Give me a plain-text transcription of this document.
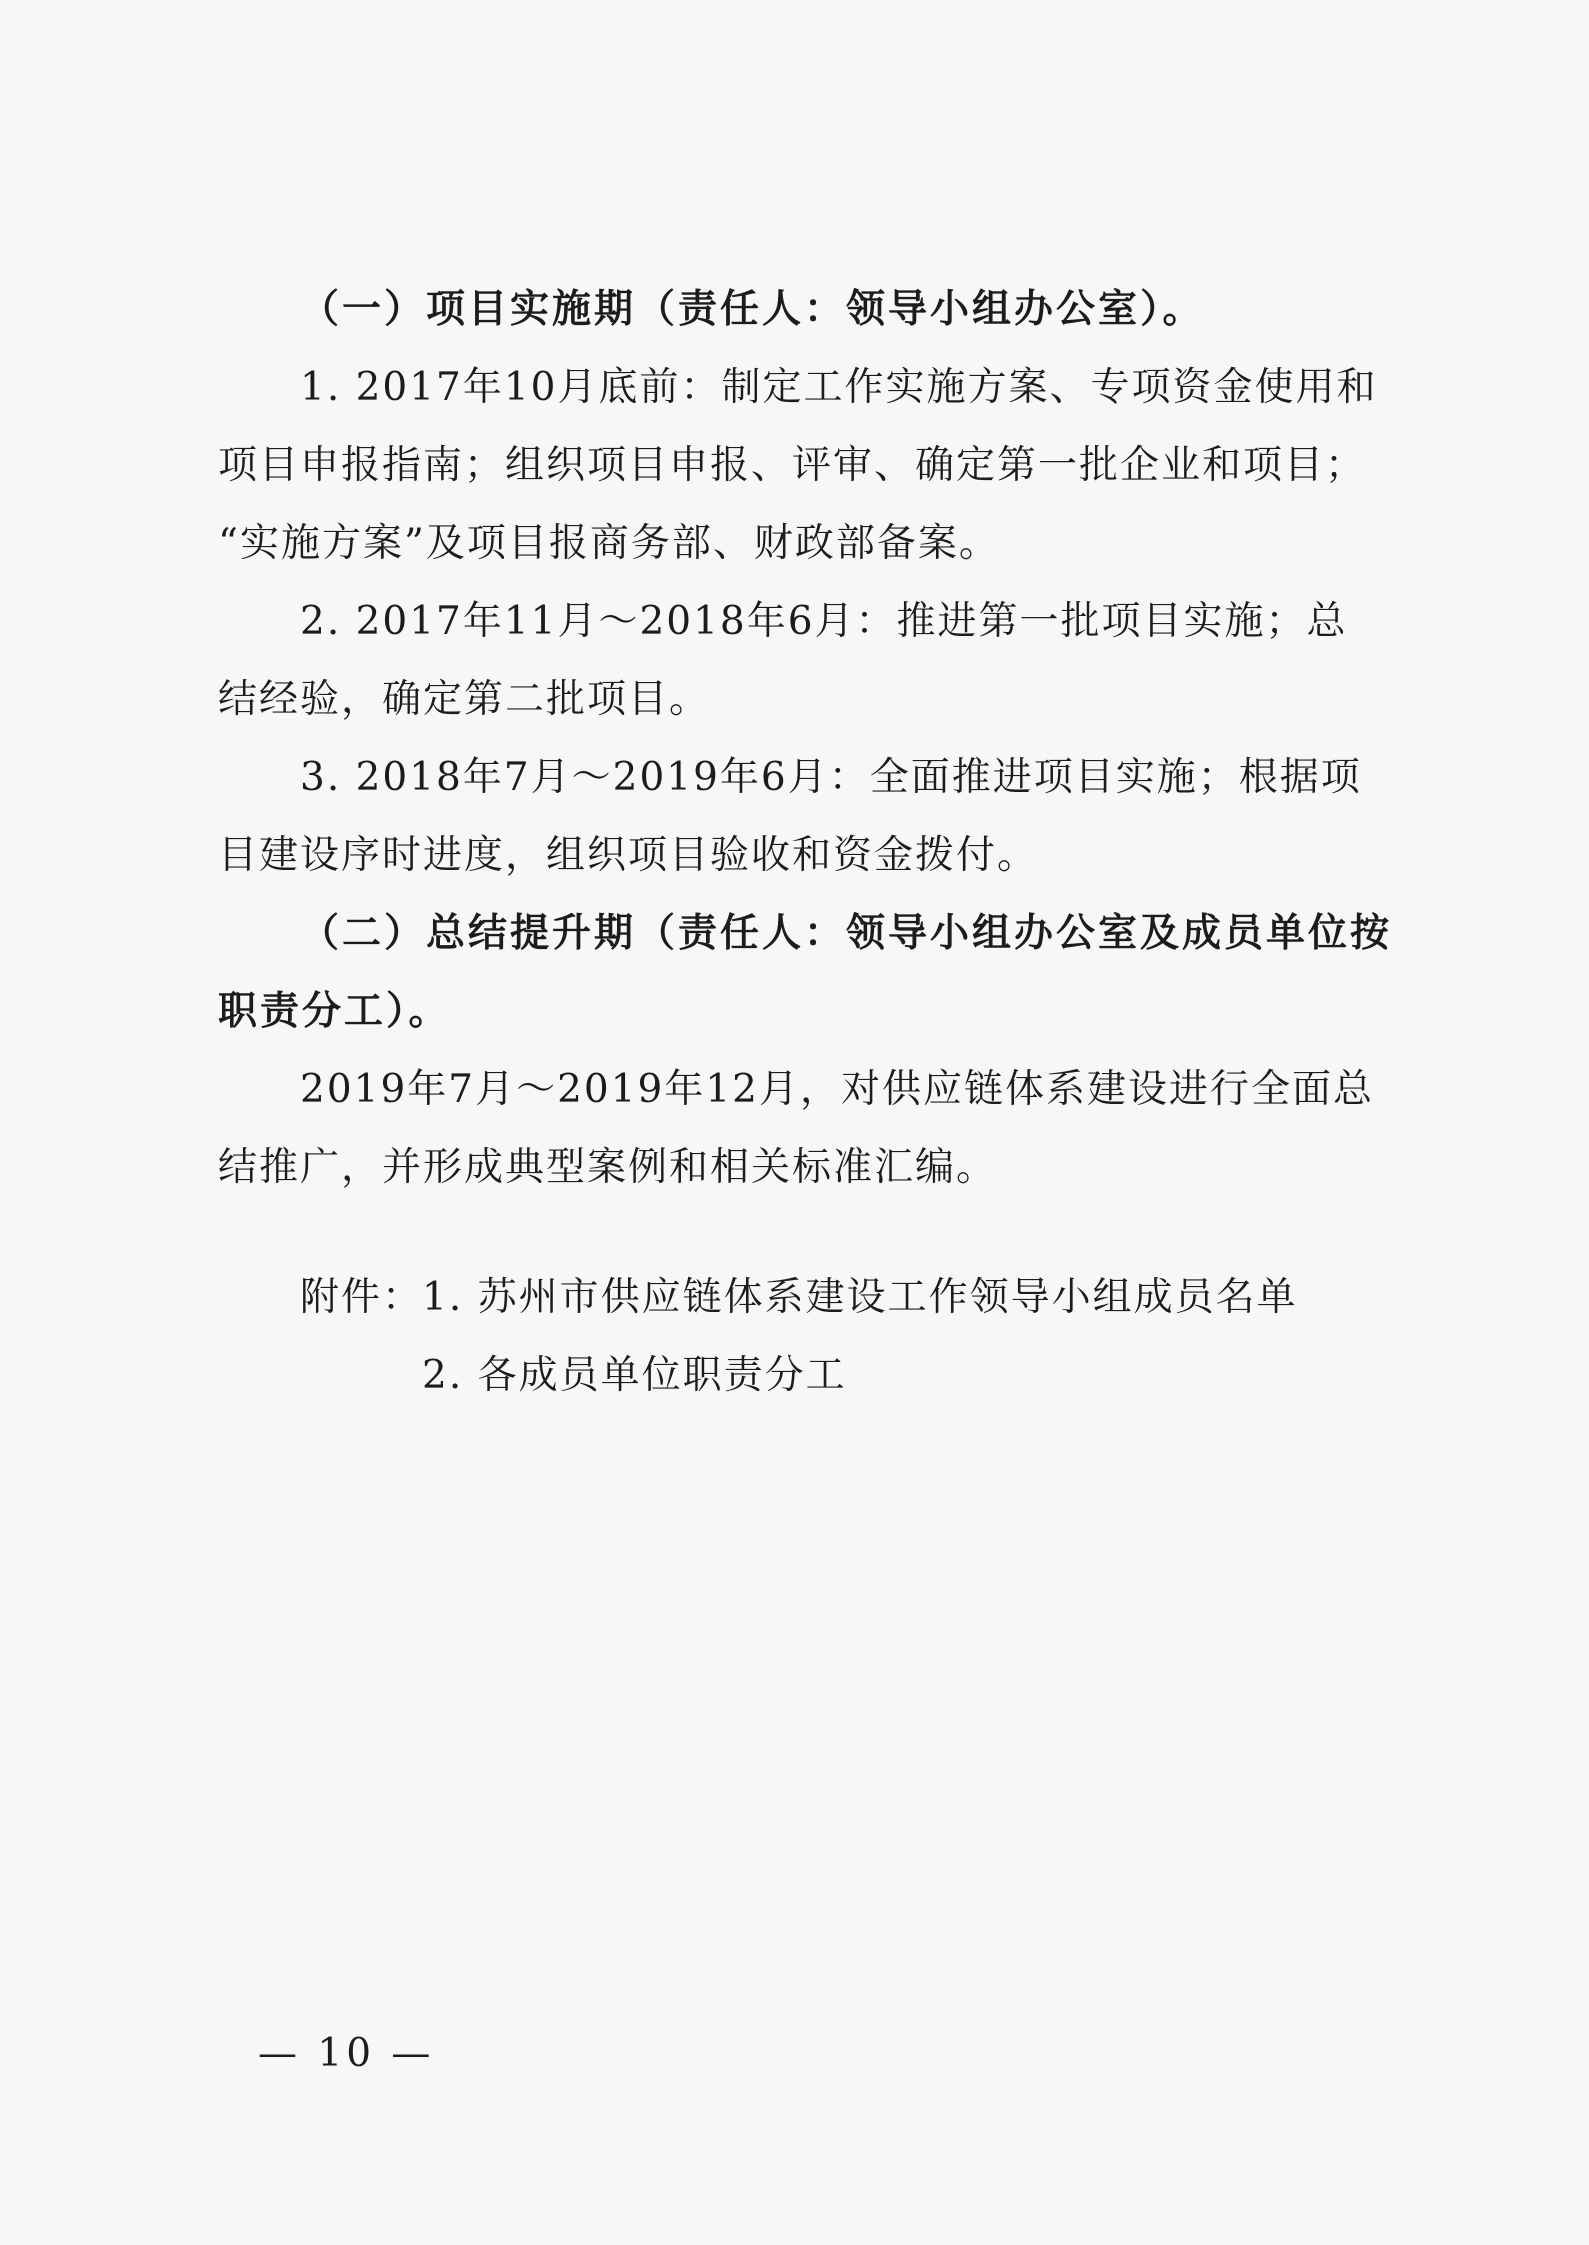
（一）项目实施期（责任人：领导小组办公室）。
1. 2017年10月底前：制定工作实施方案、专项资金使用和
项目申报指南；组织项目申报、评审、确定第一批企业和项目；
“实施方案”及项目报商务部、财政部备案。
2. 2017年11月～2018年6月：推进第一批项目实施；总
结经验，确定第二批项目。
3. 2018年7月～2019年6月：全面推进项目实施；根据项
目建设序时进度，组织项目验收和资金拨付。
（二）总结提升期（责任人：领导小组办公室及成员单位按
职责分工）。
2019年7月～2019年12月，对供应链体系建设进行全面总
结推广，并形成典型案例和相关标准汇编。
附件：
1. 苏州市供应链体系建设工作领导小组成员名单
2. 各成员单位职责分工
— 10 —
